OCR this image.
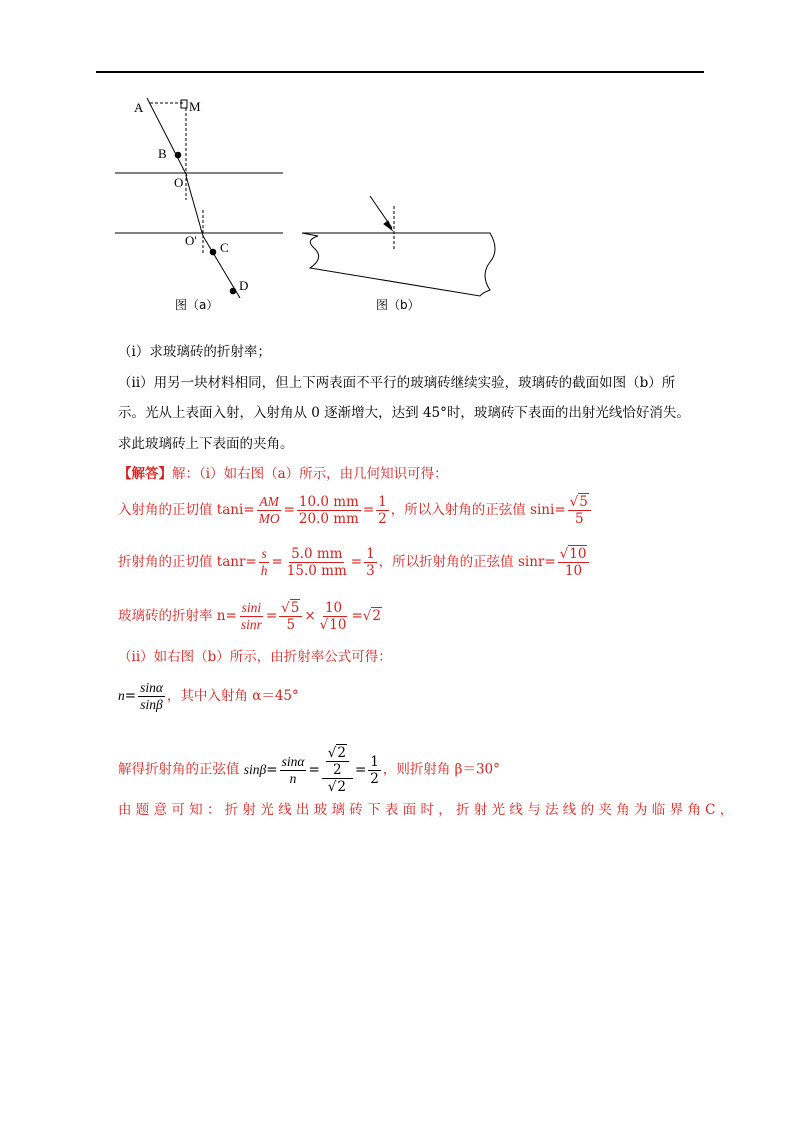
A	M
B
O
O' C
D
图（a）	图（b）
（ⅰ）求玻璃砖的折射率；
（ⅱ）用另一块材料相同，但上下两表面不平行的玻璃砖继续实验，玻璃砖的截面如图（b）所
示。光从上表面入射，入射角从 0 逐渐增大，达到 45°时，玻璃砖下表面的出射光线恰好消失。
求此玻璃砖上下表面的夹角。
【解答】解：（i）如右图（a）所示，由几何知识可得：
入射角的正切值 $\tan i= \frac{AM}{MO} = \frac{10.0 mm}{20.0 mm} = \frac{1}{2}$ ，所以入射角的正弦值 $\sin i= \frac{√5}{5}$
折射角的正切值 $\tan r= \frac{s}{h} = \frac{5.0 mm}{15.0 mm} = \frac{1}{3}$ ，所以折射角的正弦值 $\sin r= \frac{√10}{10}$
玻璃砖的折射率 $n= \frac{\sin i}{\sin r} = \frac{√5}{5} \times \frac{10}{√10} =√2$
（ii）如右图（b）所示，由折射率公式可得：
$n= \frac{\sin\alpha}{\sin\beta}$ ，其中入射角 α＝45°
解得折射角的正弦值 $\sin\beta= \frac{\sin\alpha}{n} = \frac{\frac{√2}{2}}{√2} = \frac{1}{2}$ ，则折射角 β＝30°
由 题 意 可 知 ： 折 射 光 线 出 玻 璃 砖 下 表 面 时 ， 折 射 光 线 与 法 线 的 夹 角 为 临 界 角 C ，
